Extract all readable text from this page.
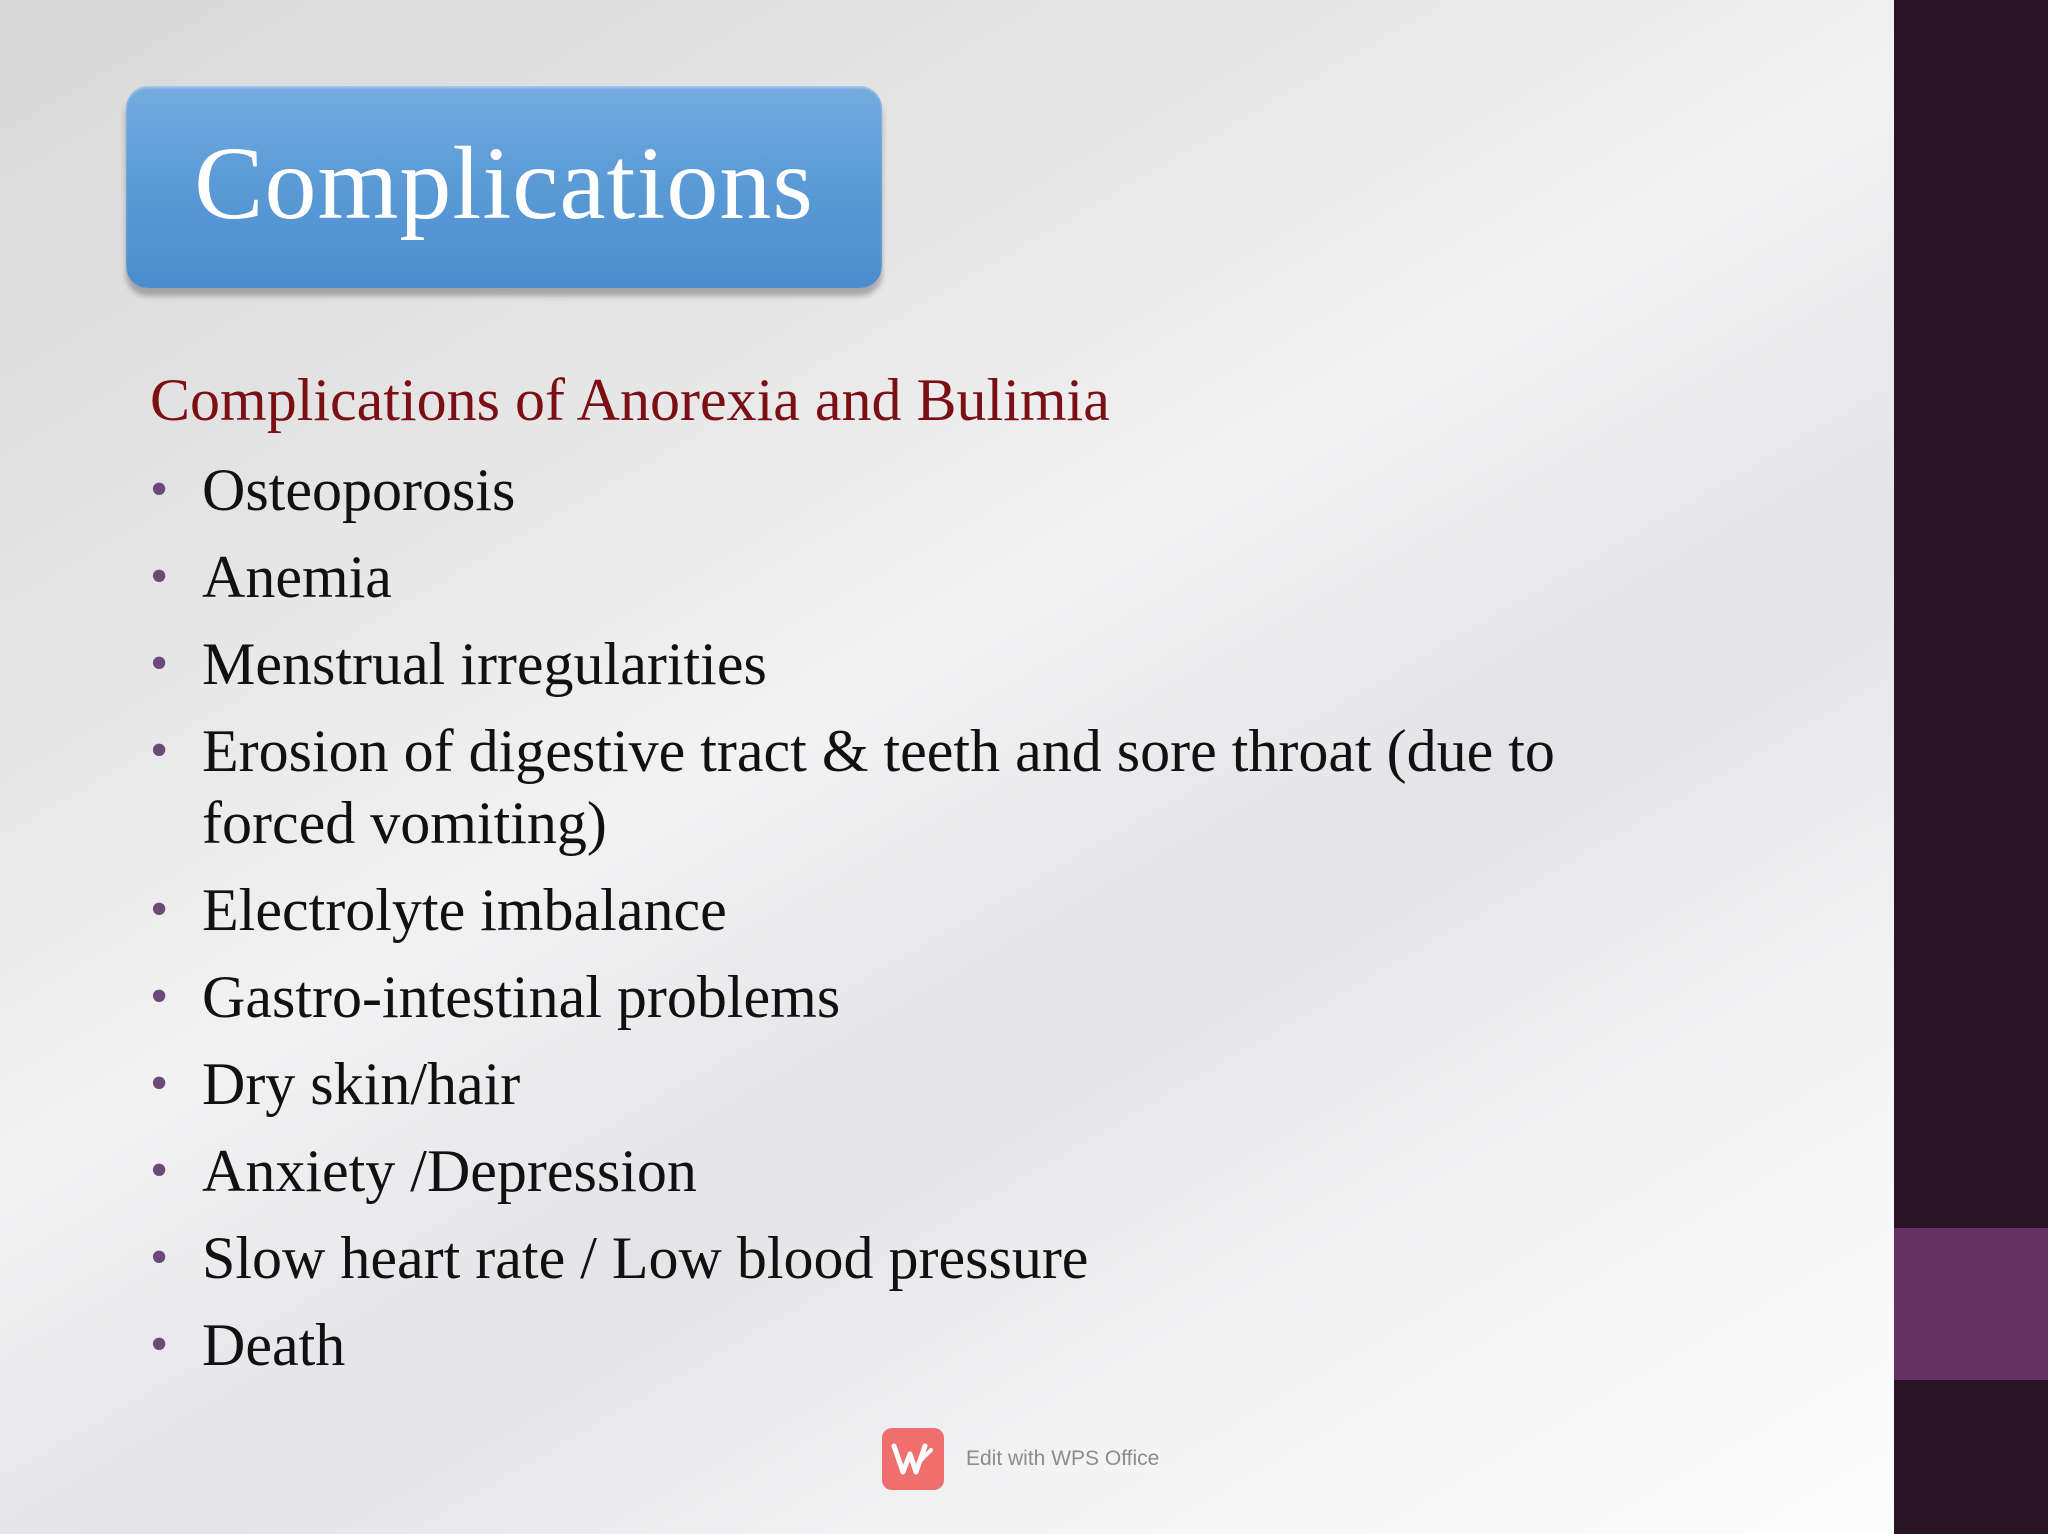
Complications
Complications of Anorexia and Bulimia
• Osteoporosis
• Anemia
• Menstrual irregularities
• Erosion of digestive tract & teeth and sore throat (due to forced vomiting)
• Electrolyte imbalance
• Gastro-intestinal problems
• Dry skin/hair
• Anxiety /Depression
• Slow heart rate / Low blood pressure
• Death
Edit with WPS Office
